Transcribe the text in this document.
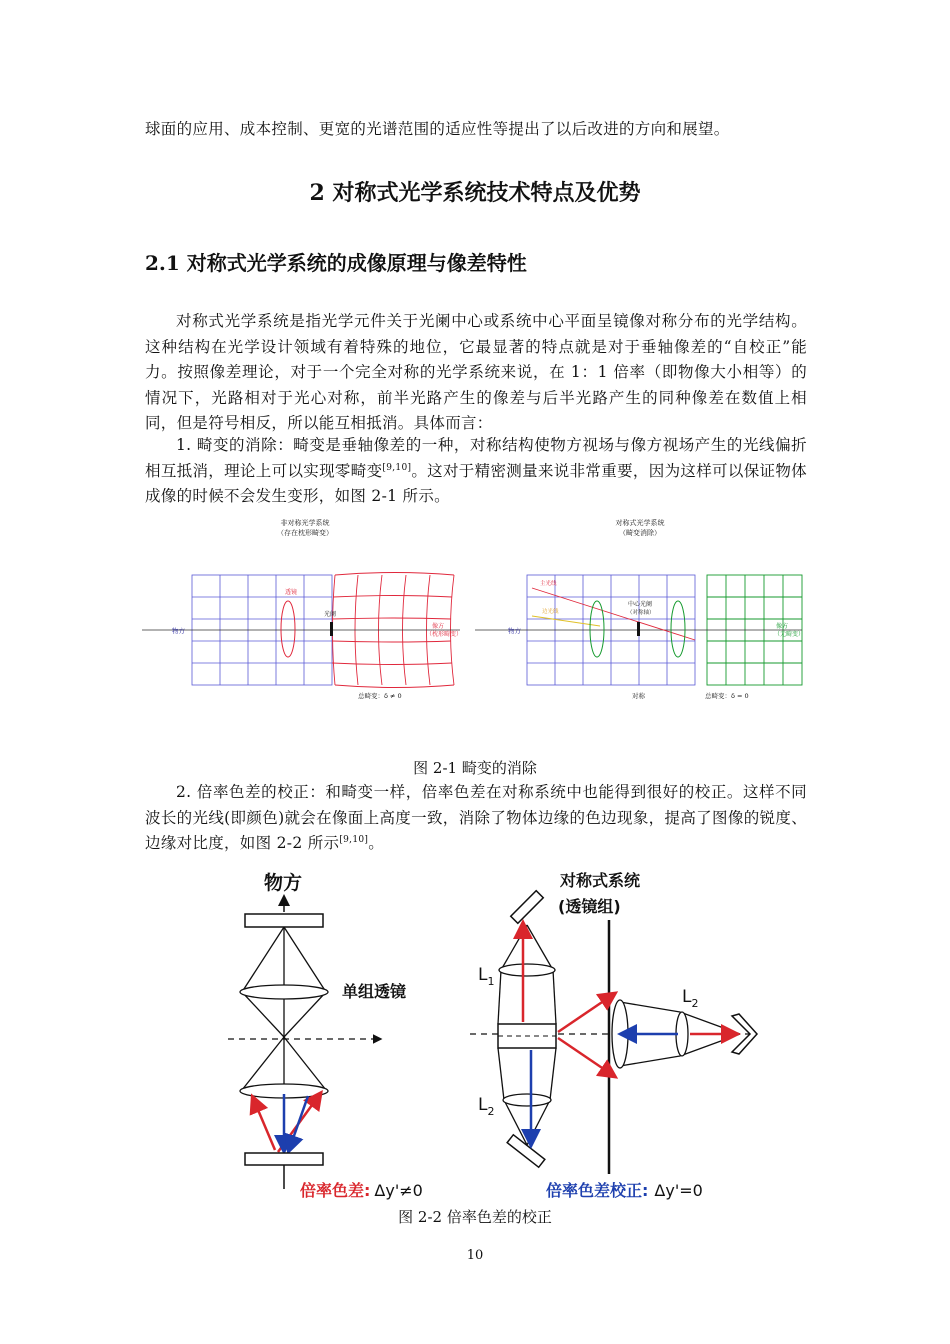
球面的应用、成本控制、更宽的光谱范围的适应性等提出了以后改进的方向和展望。
2 对称式光学系统技术特点及优势
2.1 对称式光学系统的成像原理与像差特性
对称式光学系统是指光学元件关于光阑中心或系统中心平面呈镜像对称分布的光学结构。这种结构在光学设计领域有着特殊的地位，它最显著的特点就是对于垂轴像差的“自校正”能力。按照像差理论，对于一个完全对称的光学系统来说，在 1：1 倍率（即物像大小相等）的情况下，光路相对于光心对称，前半光路产生的像差与后半光路产生的同种像差在数值上相同，但是符号相反，所以能互相抵消。具体而言：
1. 畸变的消除：畸变是垂轴像差的一种，对称结构使物方视场与像方视场产生的光线偏折相互抵消，理论上可以实现零畸变[9,10]。这对于精密测量来说非常重要，因为这样可以保证物体成像的时候不会发生变形，如图 2-1 所示。
非对称光学系统
（存在枕形畸变）
透镜
光阑
物方
像方
（枕形畸变）
总畸变：δ ≠ 0
对称式光学系统
（畸变消除）
主光线
边光线
中心光阑
（对称轴）
物方
像方
（无畸变）
对称	总畸变：δ = 0
图 2-1 畸变的消除
2. 倍率色差的校正：和畸变一样，倍率色差在对称系统中也能得到很好的校正。这样不同波长的光线(即颜色)就会在像面上高度一致，消除了物体边缘的色边现象，提高了图像的锐度、边缘对比度，如图 2-2 所示[9,10]。
物方
单组透镜
倍率色差: Δy'≠0
对称式系统
(透镜组)
$L_1$
$L_2$
$L_2$
倍率色差校正: Δy'=0
图 2-2 倍率色差的校正
10
